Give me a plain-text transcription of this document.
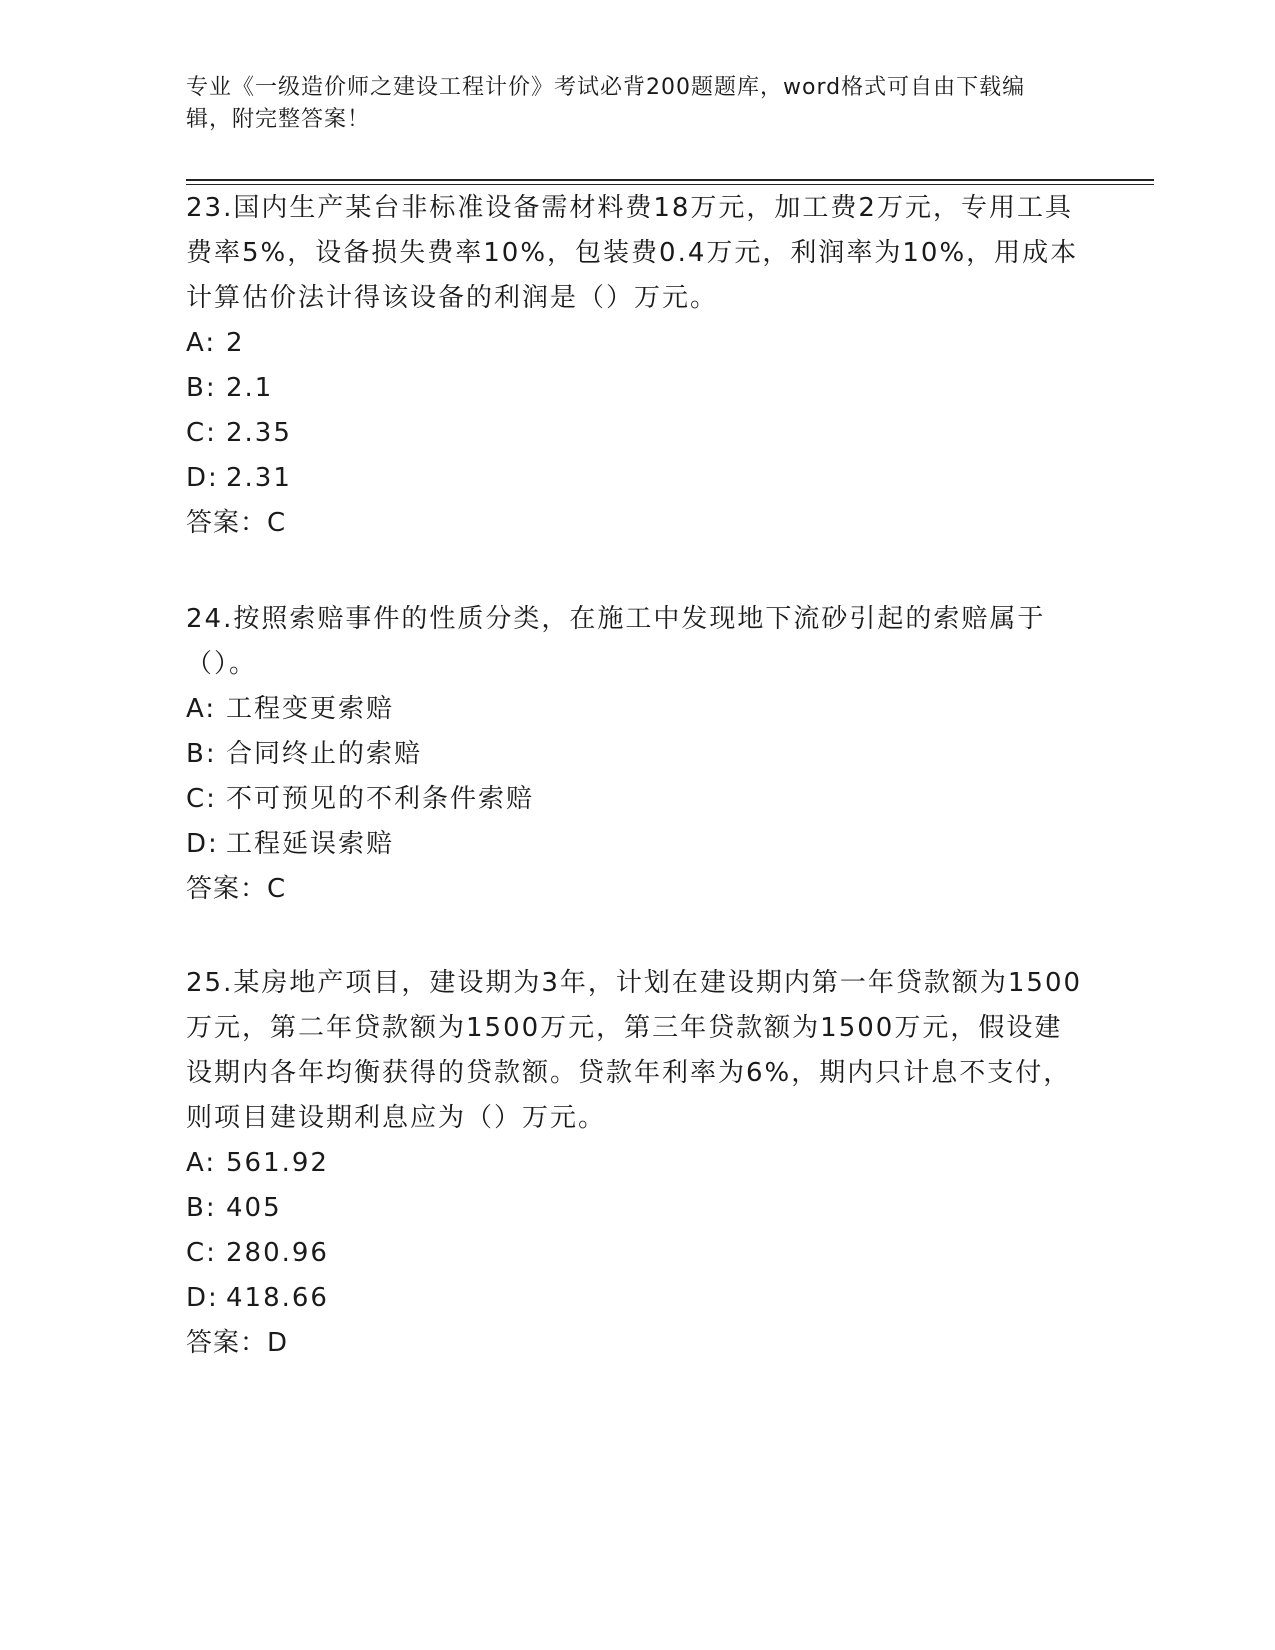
专业《一级造价师之建设工程计价》考试必背200题题库，word格式可自由下载编辑，附完整答案！

23.国内生产某台非标准设备需材料费18万元，加工费2万元，专用工具费率5%，设备损失费率10%，包装费0.4万元，利润率为10%，用成本计算估价法计得该设备的利润是（）万元。

A: 2

B: 2.1

C: 2.35

D: 2.31

答案：C

24.按照索赔事件的性质分类，在施工中发现地下流砂引起的索赔属于（）。

A: 工程变更索赔

B: 合同终止的索赔

C: 不可预见的不利条件索赔

D: 工程延误索赔

答案：C

25.某房地产项目，建设期为3年，计划在建设期内第一年贷款额为1500万元，第二年贷款额为1500万元，第三年贷款额为1500万元，假设建设期内各年均衡获得的贷款额。贷款年利率为6%，期内只计息不支付，则项目建设期利息应为（）万元。

A: 561.92

B: 405

C: 280.96

D: 418.66

答案：D
